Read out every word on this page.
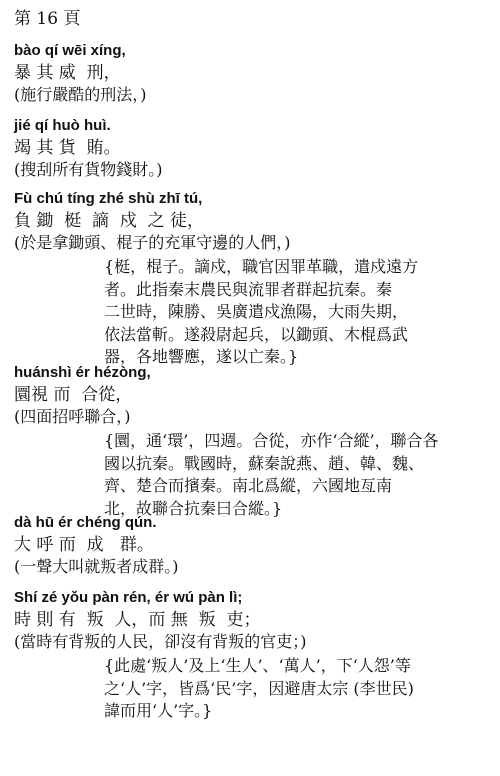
第 16 頁
bào qí wēi xíng,
暴 其 威  刑，
(施行嚴酷的刑法，)
jié qí huò huì.
竭 其 貨  賄。
(搜刮所有貨物錢財。)
Fù chú tíng zhé shù zhī tú,
負 鋤  梃  謫  戍  之 徒，
(於是拿鋤頭、棍子的充軍守邊的人們，)
{梃，棍子。謫戍，職官因罪革職，遣戍遠方
者。此指秦末農民與流罪者群起抗秦。秦
二世時，陳勝、吳廣遣戍漁陽，大雨失期，
依法當斬。遂殺尉起兵，以鋤頭、木棍爲武
器，各地響應，遂以亡秦。}
huánshì ér hézòng,
圜視 而  合從，
(四面招呼聯合，)
{圜，通‘環’，四週。合從，亦作‘合縱’，聯合各
國以抗秦。戰國時，蘇秦說燕、趙、韓、魏、
齊、楚合而擯秦。南北爲縱，六國地亙南
北，故聯合抗秦曰合縱。}
dà hū ér chéng qún.
大 呼 而  成   群。
(一聲大叫就叛者成群。)
Shí zé yǒu pàn rén, ér wú pàn lì;
時 則 有  叛  人，而 無  叛  吏；
(當時有背叛的人民，卻沒有背叛的官吏；)
{此處‘叛人’及上‘生人’、‘萬人’，下‘人怨’等
之‘人’字，皆爲‘民’字，因避唐太宗 (李世民)
諱而用‘人’字。}
